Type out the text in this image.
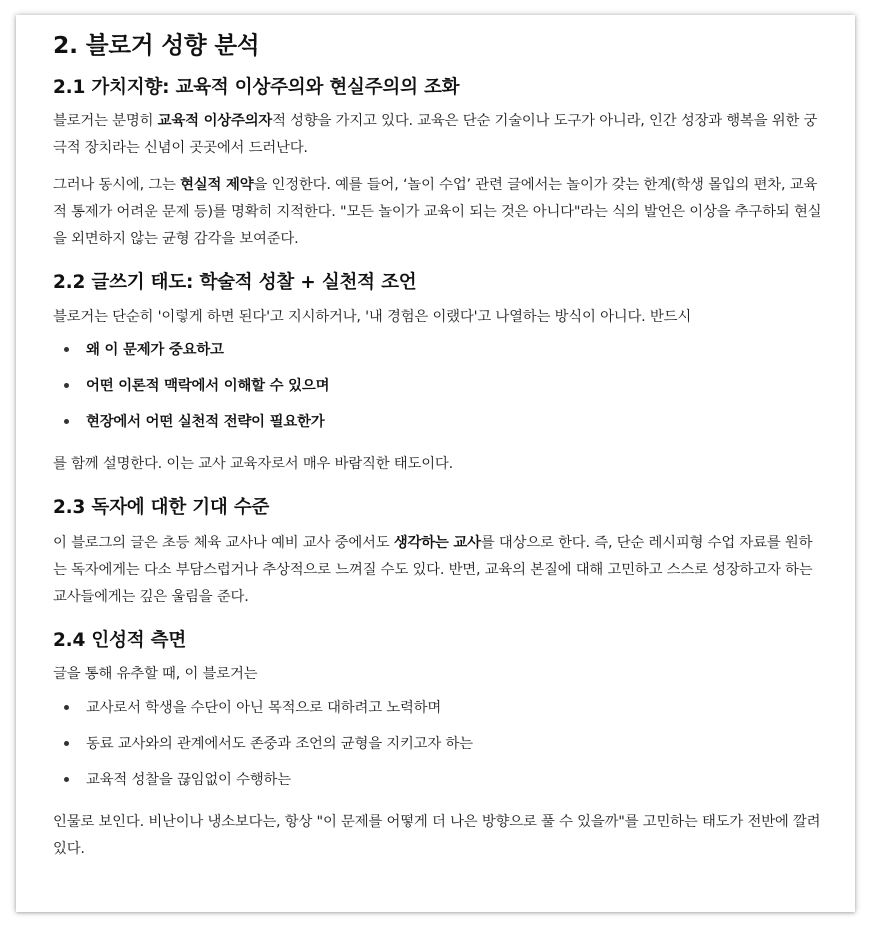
2. 블로거 성향 분석
2.1 가치지향: 교육적 이상주의와 현실주의의 조화

블로거는 분명히 교육적 이상주의자적 성향을 가지고 있다. 교육은 단순 기술이나 도구가 아니라, 인간 성장과 행복을 위한 궁극적 장치라는 신념이 곳곳에서 드러난다.

그러나 동시에, 그는 현실적 제약을 인정한다. 예를 들어, ‘놀이 수업’ 관련 글에서는 놀이가 갖는 한계(학생 몰입의 편차, 교육적 통제가 어려운 문제 등)를 명확히 지적한다. "모든 놀이가 교육이 되는 것은 아니다"라는 식의 발언은 이상을 추구하되 현실을 외면하지 않는 균형 감각을 보여준다.

2.2 글쓰기 태도: 학술적 성찰 + 실천적 조언

블로거는 단순히 '이렇게 하면 된다'고 지시하거나, '내 경험은 이랬다'고 나열하는 방식이 아니다. 반드시

왜 이 문제가 중요하고
어떤 이론적 맥락에서 이해할 수 있으며
현장에서 어떤 실천적 전략이 필요한가

를 함께 설명한다. 이는 교사 교육자로서 매우 바람직한 태도이다.

2.3 독자에 대한 기대 수준

이 블로그의 글은 초등 체육 교사나 예비 교사 중에서도 생각하는 교사를 대상으로 한다. 즉, 단순 레시피형 수업 자료를 원하는 독자에게는 다소 부담스럽거나 추상적으로 느껴질 수도 있다. 반면, 교육의 본질에 대해 고민하고 스스로 성장하고자 하는 교사들에게는 깊은 울림을 준다.

2.4 인성적 측면

글을 통해 유추할 때, 이 블로거는

교사로서 학생을 수단이 아닌 목적으로 대하려고 노력하며
동료 교사와의 관계에서도 존중과 조언의 균형을 지키고자 하는
교육적 성찰을 끊임없이 수행하는

인물로 보인다. 비난이나 냉소보다는, 항상 "이 문제를 어떻게 더 나은 방향으로 풀 수 있을까"를 고민하는 태도가 전반에 깔려 있다.
